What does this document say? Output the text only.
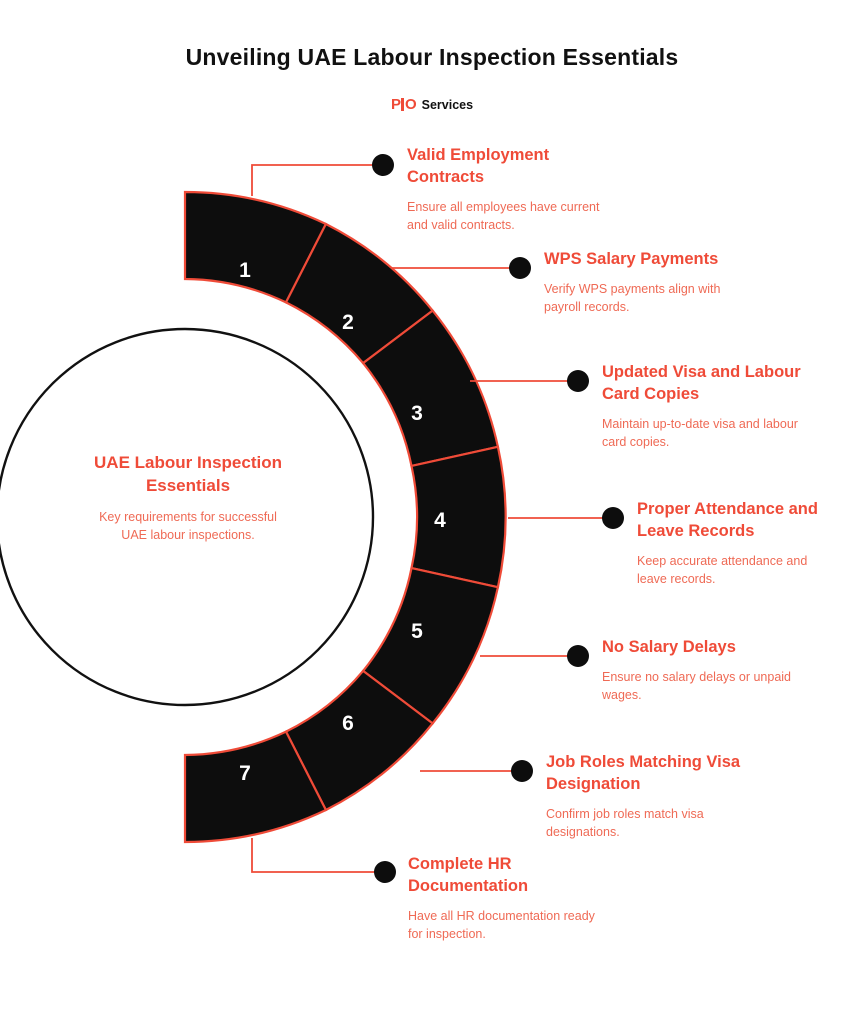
Unveiling UAE Labour Inspection Essentials
P O Services
1
2
3
4
5
6
7
UAE Labour Inspection Essentials
Key requirements for successful UAE labour inspections.
Valid Employment Contracts
Ensure all employees have current and valid contracts.
WPS Salary Payments
Verify WPS payments align with payroll records.
Updated Visa and Labour Card Copies
Maintain up-to-date visa and labour card copies.
Proper Attendance and Leave Records
Keep accurate attendance and leave records.
No Salary Delays
Ensure no salary delays or unpaid wages.
Job Roles Matching Visa Designation
Confirm job roles match visa designations.
Complete HR Documentation
Have all HR documentation ready for inspection.
